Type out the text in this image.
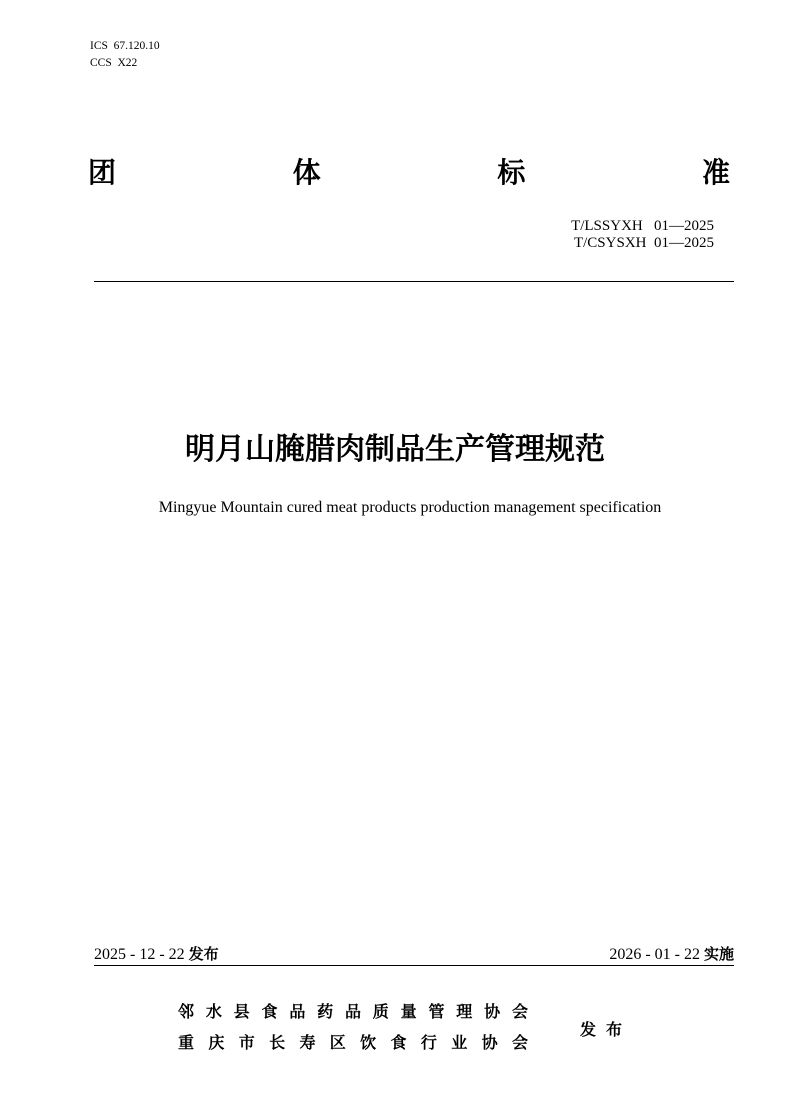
ICS  67.120.10
CCS  X22
团	体	标	准
T/LSSYXH   01—2025
T/CSYSXH  01—2025
明月山腌腊肉制品生产管理规范
Mingyue Mountain cured meat products production management specification
2025 - 12 - 22 发布	2026 - 01 - 22 实施
邻 水 县 食 品 药 品 质 量 管 理 协 会
重 庆 市 长 寿 区 饮 食 行 业 协 会
发布
